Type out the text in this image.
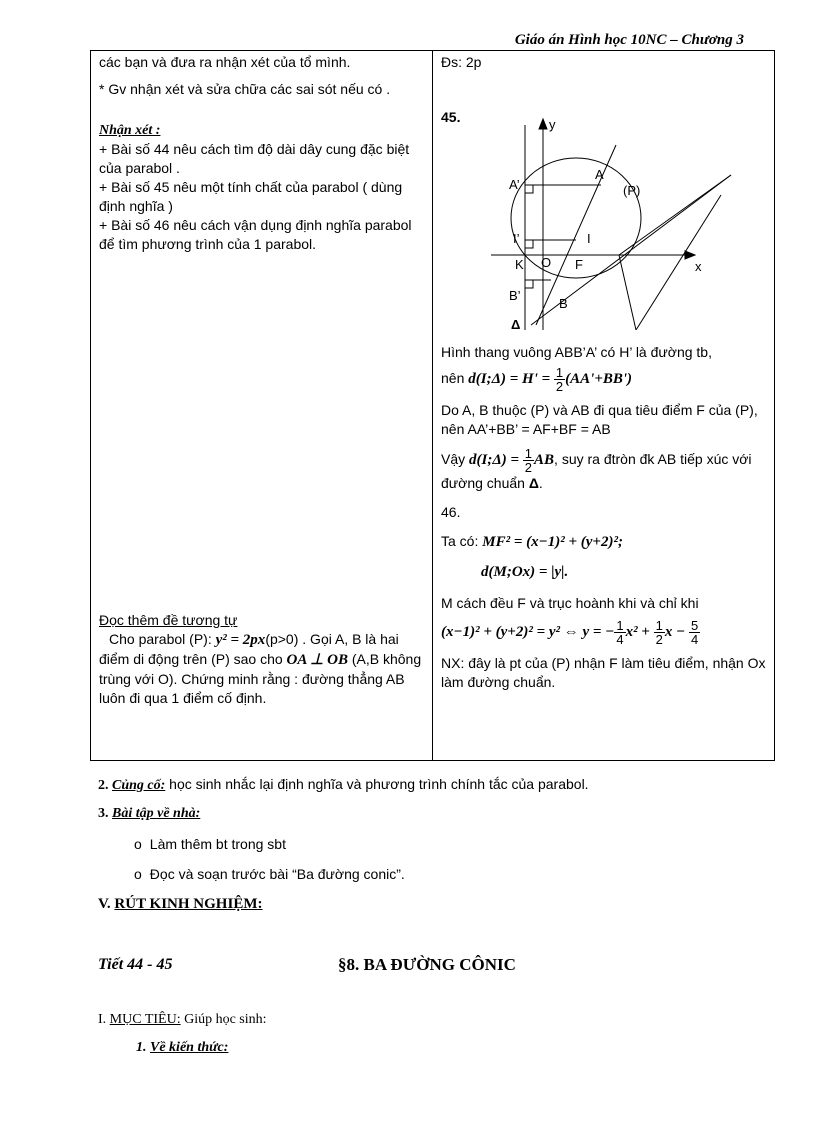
Giáo án Hình học 10NC – Chương 3

các bạn và đưa ra nhận xét của tổ mình.

* Gv nhận xét và sửa chữa các sai sót nếu có .

Nhận xét :

+ Bài số 44 nêu cách tìm độ dài dây cung đặc biệt của parabol .

+ Bài số 45 nêu một tính chất của parabol ( dùng định nghĩa )

+ Bài số 46 nêu cách vận dụng định nghĩa parabol để tìm phương trình của 1 parabol.

Đọc thêm đề tương tự

Cho parabol (P): y² = 2px(p>0) . Gọi A, B là hai điểm di động trên (P) sao cho OA ⊥ OB (A,B không trùng với O). Chứng minh rằng : đường thẳng AB luôn đi qua 1 điểm cố định.

Đs: 2p

45.	y
x
A’
A
(P)
I’	I
K O F
B’
B
Δ

Hình thang vuông ABB’A’ có H’ là đường tb,

nên d(I;Δ) = $H' = \frac{1}{2} (AA'+BB')$

Do A, B thuộc (P) và AB đi qua tiêu điểm F của (P), nên AA’+BB’ = AF+BF = AB

Vậy d(I;Δ) = $\frac{1}{2}$ AB, suy ra đtròn đk AB tiếp xúc với đường chuẩn Δ.

46.

Ta có: MF² = (x−1)² + (y+2)²;

d(M;Ox) = |y|.

M cách đều F và trục hoành khi và chỉ khi

(x−1)² + (y+2)² = y² ⇔ y = − $\frac{1}{4} x^2 + \frac{1}{2}$ $x - \frac{5}{4}$

NX: đây là pt của (P) nhận F làm tiêu điểm, nhận Ox làm đường chuẩn.

2. Củng cố: học sinh nhắc lại định nghĩa và phương trình chính tắc của parabol.
3. Bài tập về nhà:
o Làm thêm bt trong sbt
o Đọc và soạn trước bài “Ba đường conic”.
V. RÚT KINH NGHIỆM:
Tiết 44 - 45	§8. BA ĐƯỜNG CÔNIC
I. MỤC TIÊU: Giúp học sinh:
1. Về kiến thức:
